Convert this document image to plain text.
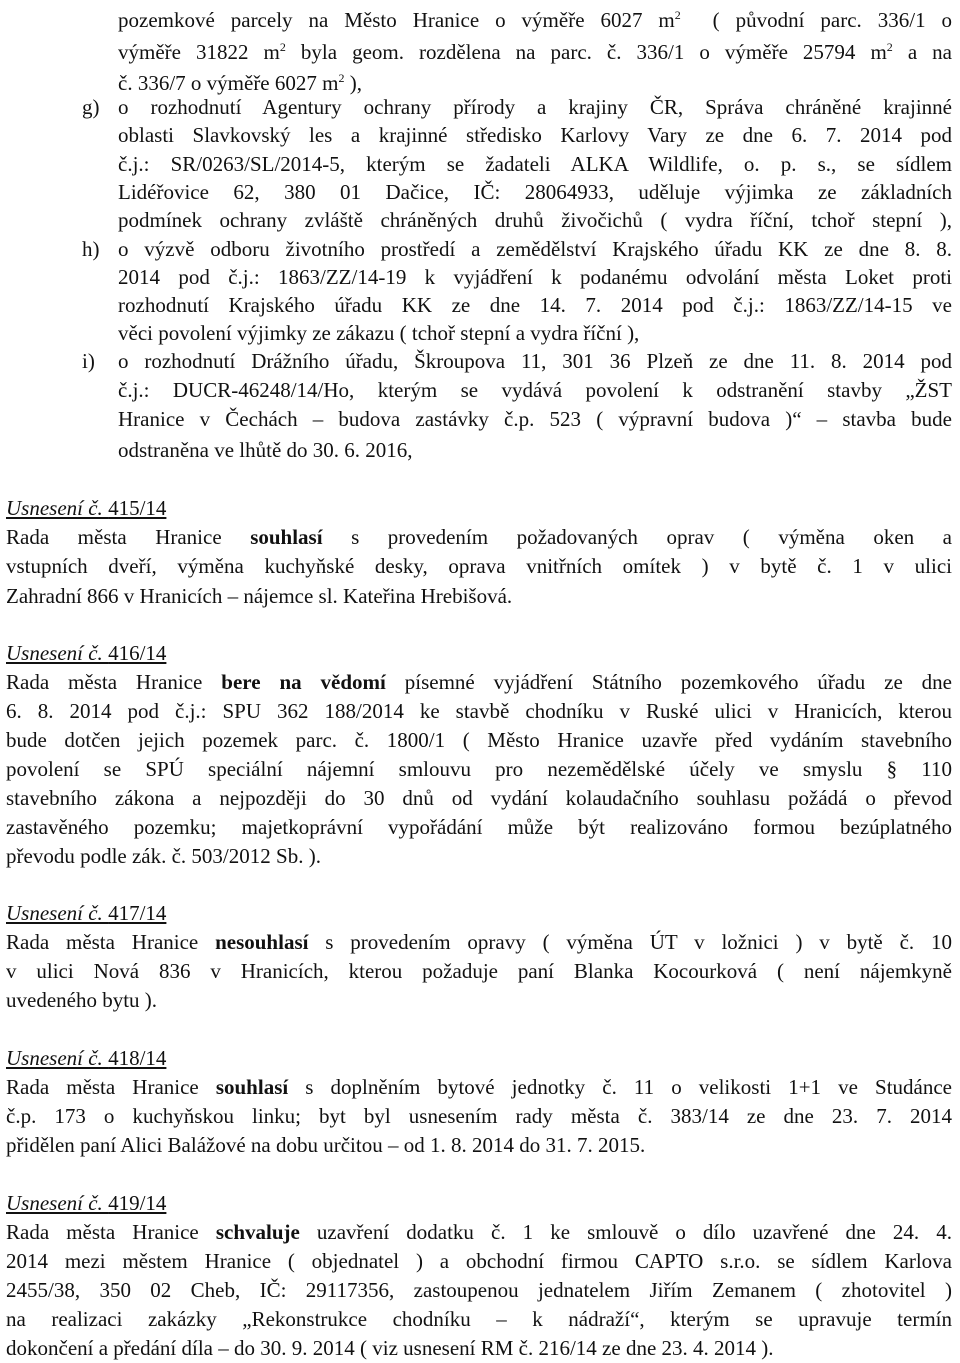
pozemkové parcely na Město Hranice o výměře 6027 $m^2$ ( původní parc. 336/1 o
výměře 31822 $m^2$ byla geom. rozdělena na parc. č. 336/1 o výměře 25794 $m^2$ a na
č. 336/7 o výměře 6027 $m^2$ ),
g) o rozhodnutí Agentury ochrany přírody a krajiny ČR, Správa chráněné krajinné
oblasti Slavkovský les a krajinné středisko Karlovy Vary ze dne 6. 7. 2014 pod
č.j.: SR/0263/SL/2014-5, kterým se žadateli ALKA Wildlife, o. p. s., se sídlem
Lidéřovice 62, 380 01 Dačice, IČ: 28064933, uděluje výjimka ze základních
podmínek ochrany zvláště chráněných druhů živočichů ( vydra říční, tchoř stepní ),
h) o výzvě odboru životního prostředí a zemědělství Krajského úřadu KK ze dne 8. 8.
2014 pod č.j.: 1863/ZZ/14-19 k vyjádření k podanému odvolání města Loket proti
rozhodnutí Krajského úřadu KK ze dne 14. 7. 2014 pod č.j.: 1863/ZZ/14-15 ve
věci povolení výjimky ze zákazu ( tchoř stepní a vydra říční ),
i) o rozhodnutí Drážního úřadu, Škroupova 11, 301 36 Plzeň ze dne 11. 8. 2014 pod
č.j.: DUCR-46248/14/Ho, kterým se vydává povolení k odstranění stavby „ŽST
Hranice v Čechách – budova zastávky č.p. 523 ( výpravní budova )“ – stavba bude
odstraněna ve lhůtě do 30. 6. 2016,
Usnesení č. 415/14
Rada města Hranice souhlasí s provedením požadovaných oprav ( výměna oken a
vstupních dveří, výměna kuchyňské desky, oprava vnitřních omítek ) v bytě č. 1 v ulici
Zahradní 866 v Hranicích – nájemce sl. Kateřina Hrebišová.
Usnesení č. 416/14
Rada města Hranice bere na vědomí písemné vyjádření Státního pozemkového úřadu ze dne
6. 8. 2014 pod č.j.: SPU 362 188/2014 ke stavbě chodníku v Ruské ulici v Hranicích, kterou
bude dotčen jejich pozemek parc. č. 1800/1 ( Město Hranice uzavře před vydáním stavebního
povolení se SPÚ speciální nájemní smlouvu pro nezemědělské účely ve smyslu § 110
stavebního zákona a nejpozději do 30 dnů od vydání kolaudačního souhlasu požádá o převod
zastavěného pozemku; majetkoprávní vypořádání může být realizováno formou bezúplatného
převodu podle zák. č. 503/2012 Sb. ).
Usnesení č. 417/14
Rada města Hranice nesouhlasí s provedením opravy ( výměna ÚT v ložnici ) v bytě č. 10
v ulici Nová 836 v Hranicích, kterou požaduje paní Blanka Kocourková ( není nájemkyně
uvedeného bytu ).
Usnesení č. 418/14
Rada města Hranice souhlasí s doplněním bytové jednotky č. 11 o velikosti 1+1 ve Studánce
č.p. 173 o kuchyňskou linku; byt byl usnesením rady města č. 383/14 ze dne 23. 7. 2014
přidělen paní Alici Balážové na dobu určitou – od 1. 8. 2014 do 31. 7. 2015.
Usnesení č. 419/14
Rada města Hranice schvaluje uzavření dodatku č. 1 ke smlouvě o dílo uzavřené dne 24. 4.
2014 mezi městem Hranice ( objednatel ) a obchodní firmou CAPTO s.r.o. se sídlem Karlova
2455/38, 350 02 Cheb, IČ: 29117356, zastoupenou jednatelem Jiřím Zemanem ( zhotovitel )
na realizaci zakázky „Rekonstrukce chodníku – k nádraží“, kterým se upravuje termín
dokončení a předání díla – do 30. 9. 2014 ( viz usnesení RM č. 216/14 ze dne 23. 4. 2014 ).
